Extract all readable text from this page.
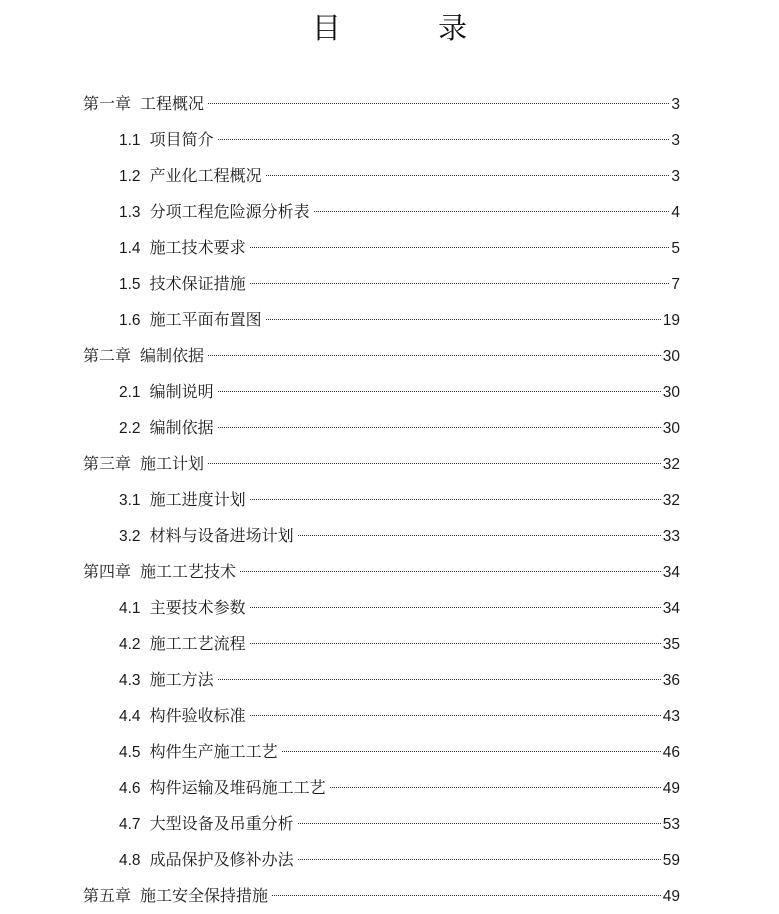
目 录
第一章 工程概况	3
1.1 项目简介	3
1.2 产业化工程概况	3
1.3 分项工程危险源分析表	4
1.4 施工技术要求	5
1.5 技术保证措施	7
1.6 施工平面布置图	19
第二章 编制依据	30
2.1 编制说明	30
2.2 编制依据	30
第三章 施工计划	32
3.1 施工进度计划	32
3.2 材料与设备进场计划	33
第四章 施工工艺技术	34
4.1 主要技术参数	34
4.2 施工工艺流程	35
4.3 施工方法	36
4.4 构件验收标准	43
4.5 构件生产施工工艺	46
4.6 构件运输及堆码施工工艺	49
4.7 大型设备及吊重分析	53
4.8 成品保护及修补办法	59
第五章 施工安全保持措施	49
